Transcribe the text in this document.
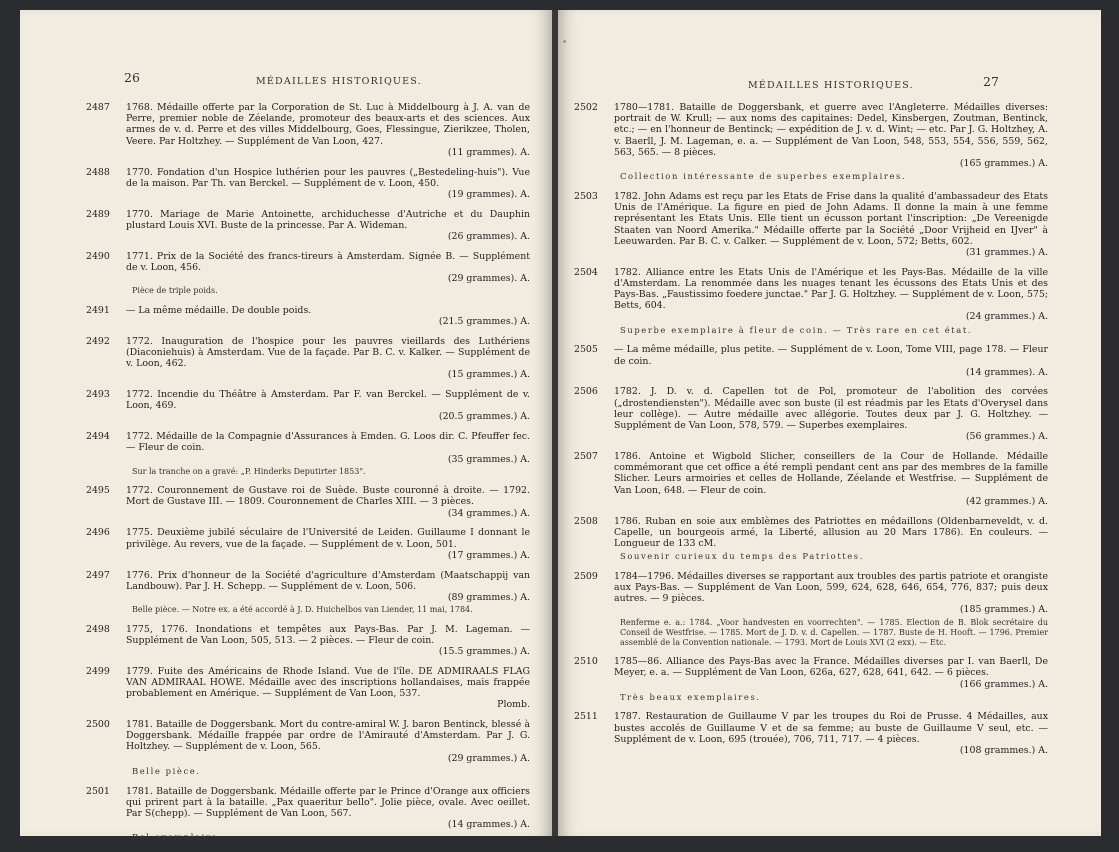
26	MÉDAILLES HISTORIQUES.
2487 1768. Médaille offerte par la Corporation de St. Luc à Middelbourg à J. A. van de Perre, premier noble de Zéelande, promoteur des beaux-arts et des sciences. Aux armes de v. d. Perre et des villes Middelbourg, Goes, Flessingue, Zierikzee, Tholen, Veere. Par Holtzhey. — Supplément de Van Loon, 427.

(11 grammes). A.

2488 1770. Fondation d'un Hospice luthérien pour les pauvres („Bestedeling-huis"). Vue de la maison. Par Th. van Berckel. — Supplément de v. Loon, 450.

(19 grammes). A.

2489 1770. Mariage de Marie Antoinette, archiduchesse d'Autriche et du Dauphin plustard Louis XVI. Buste de la princesse. Par A. Wideman.

(26 grammes). A.

2490 1771. Prix de la Société des francs-tireurs à Amsterdam. Signée B. — Supplément de v. Loon, 456.

(29 grammes). A.

Pièce de triple poids.

2491 — La même médaille. De double poids.

(21.5 grammes.) A.

2492 1772. Inauguration de l'hospice pour les pauvres vieillards des Luthériens (Diaconiehuis) à Amsterdam. Vue de la façade. Par B. C. v. Kalker. — Supplément de v. Loon, 462.

(15 grammes.) A.

2493 1772. Incendie du Théâtre à Amsterdam. Par F. van Berckel. — Supplément de v. Loon, 469.

(20.5 grammes.) A.

2494 1772. Médaille de la Compagnie d'Assurances à Emden. G. Loos dir. C. Pfeuffer fec. — Fleur de coin.

(35 grammes.) A.

Sur la tranche on a gravé: „P. Hinderks Deputirter 1853".

2495 1772. Couronnement de Gustave roi de Suède. Buste couronné à droite. — 1792. Mort de Gustave III. — 1809. Couronnement de Charles XIII. — 3 pièces.

(34 grammes.) A.

2496 1775. Deuxième jubilé séculaire de l'Université de Leiden. Guillaume I donnant le privilège. Au revers, vue de la façade. — Supplément de v. Loon, 501.

(17 grammes.) A.

2497 1776. Prix d'honneur de la Société d'agriculture d'Amsterdam (Maatschappij van Landbouw). Par J. H. Schepp. — Supplément de v. Loon, 506.

(89 grammes.) A.

Belle pièce. — Notre ex. a été accordé à J. D. Huichelbos van Liender, 11 mai, 1784.

2498 1775, 1776. Inondations et tempêtes aux Pays-Bas. Par J. M. Lageman. — Supplément de Van Loon, 505, 513. — 2 pièces. — Fleur de coin.

(15.5 grammes.) A.

2499 1779. Fuite des Américains de Rhode Island. Vue de l'île. DE ADMIRAALS FLAG VAN ADMIRAAL HOWE. Médaille avec des inscriptions hollandaises, mais frappée probablement en Amérique. — Supplément de Van Loon, 537.

Plomb.

2500 1781. Bataille de Doggersbank. Mort du contre-amiral W. J. baron Bentinck, blessé à Doggersbank. Médaille frappée par ordre de l'Amirauté d'Amsterdam. Par J. G. Holtzhey. — Supplément de v. Loon, 565.

(29 grammes.) A.

Belle pièce.

2501 1781. Bataille de Doggersbank. Médaille offerte par le Prince d'Orange aux officiers qui prirent part à la bataille. „Pax quaeritur bello". Jolie pièce, ovale. Avec oeillet. Par S(chepp). — Supplément de Van Loon, 567.

(14 grammes.) A.

Bel exemplaire.

MÉDAILLES HISTORIQUES.	27
2502 1780—1781. Bataille de Doggersbank, et guerre avec l'Angleterre. Médailles diverses: portrait de W. Krull; — aux noms des capitaines: Dedel, Kinsbergen, Zoutman, Bentinck, etc.; — en l'honneur de Bentinck; — expédition de J. v. d. Wint; — etc. Par J. G. Holtzhey, A. v. Baerll, J. M. Lageman, e. a. — Supplément de Van Loon, 548, 553, 554, 556, 559, 562, 563, 565. — 8 pièces.

(165 grammes.) A.

Collection intéressante de superbes exemplaires.

2503 1782. John Adams est reçu par les Etats de Frise dans la qualité d'ambassadeur des Etats Unis de l'Amérique. La figure en pied de John Adams. Il donne la main à une femme représentant les Etats Unis. Elle tient un écusson portant l'inscription: „De Vereenigde Staaten van Noord Amerika." Médaille offerte par la Société „Door Vrijheid en IJver" à Leeuwarden. Par B. C. v. Calker. — Supplément de v. Loon, 572; Betts, 602.

(31 grammes.) A.

2504 1782. Alliance entre les Etats Unis de l'Amérique et les Pays-Bas. Médaille de la ville d'Amsterdam. La renommée dans les nuages tenant les écussons des Etats Unis et des Pays-Bas. „Faustissimo foedere junctae." Par J. G. Holtzhey. — Supplément de v. Loon, 575; Betts, 604.

(24 grammes.) A.

Superbe exemplaire à fleur de coin. — Très rare en cet état.

2505 — La même médaille, plus petite. — Supplément de v. Loon, Tome VIII, page 178. — Fleur de coin.

(14 grammes). A.

2506 1782. J. D. v. d. Capellen tot de Pol, promoteur de l'abolition des corvées („drostendiensten"). Médaille avec son buste (il est réadmis par les Etats d'Overysel dans leur collège). — Autre médaille avec allégorie. Toutes deux par J. G. Holtzhey. — Supplément de Van Loon, 578, 579. — Superbes exemplaires.

(56 grammes.) A.

2507 1786. Antoine et Wigbold Slicher, conseillers de la Cour de Hollande. Médaille commémorant que cet office a été rempli pendant cent ans par des membres de la famille Slicher. Leurs armoiries et celles de Hollande, Zéelande et Westfrise. — Supplément de Van Loon, 648. — Fleur de coin.

(42 grammes.) A.

2508 1786. Ruban en soie aux emblèmes des Patriottes en médaillons (Oldenbarneveldt, v. d. Capelle, un bourgeois armé, la Liberté, allusion au 20 Mars 1786). En couleurs. — Longueur de 133 cM.

Souvenir curieux du temps des Patriottes.

2509 1784—1796. Médailles diverses se rapportant aux troubles des partis patriote et orangiste aux Pays-Bas. — Supplément de Van Loon, 599, 624, 628, 646, 654, 776, 837; puis deux autres. — 9 pièces.

(185 grammes.) A.

Renferme e. a.: 1784. „Voor handvesten en voorrechten". — 1785. Election de B. Blok secrétaire du Conseil de Westfrise. — 1785. Mort de J. D. v. d. Capellen. — 1787. Buste de H. Hooft. — 1796. Premier assemblé de la Convention nationale. — 1793. Mort de Louis XVI (2 exx). — Etc.

2510 1785—86. Alliance des Pays-Bas avec la France. Médailles diverses par I. van Baerll, De Meyer, e. a. — Supplément de Van Loon, 626a, 627, 628, 641, 642. — 6 pièces.

(166 grammes.) A.

Très beaux exemplaires.

2511 1787. Restauration de Guillaume V par les troupes du Roi de Prusse. 4 Médailles, aux bustes accolés de Guillaume V et de sa femme; au buste de Guillaume V seul, etc. — Supplément de v. Loon, 695 (trouée), 706, 711, 717. — 4 pièces.

(108 grammes.) A.
